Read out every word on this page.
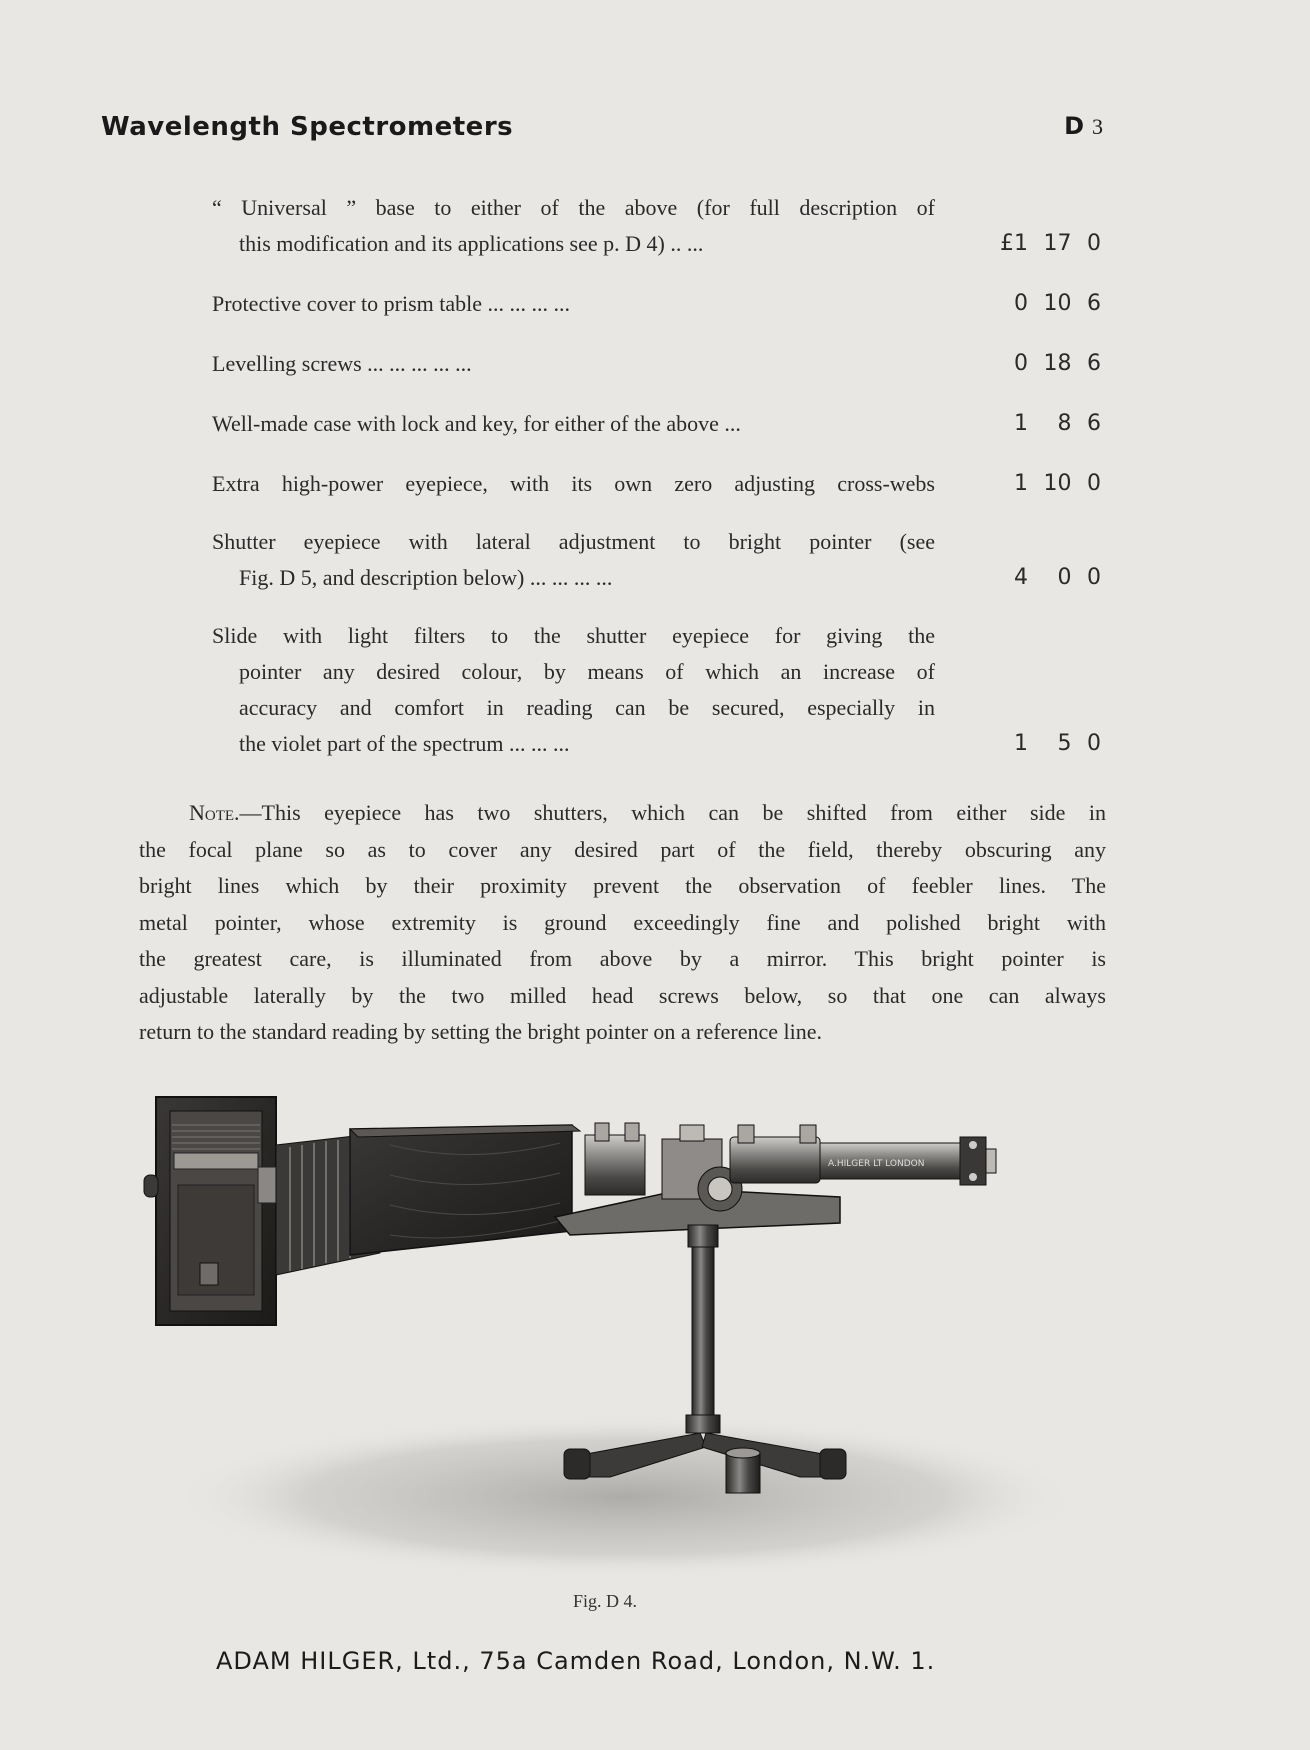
Wavelength Spectrometers	D 3
“ Universal ” base to either of the above (for full description of
this modification and its applications see p. D 4) .. ...	£1 17 0
Protective cover to prism table ... ... ... ...	0 10 6
Levelling screws ... ... ... ... ...	0 18 6
Well-made case with lock and key, for either of the above ...	1	8 6
Extra high-power eyepiece, with its own zero adjusting cross-webs	1 10 0
Shutter eyepiece with lateral adjustment to bright pointer (see
Fig. D 5, and description below) ... ... ... ...	4	0 0
Slide with light filters to the shutter eyepiece for giving the
pointer any desired colour, by means of which an increase of
accuracy and comfort in reading can be secured, especially in
the violet part of the spectrum ... ... ...	1	5 0
Note.—This eyepiece has two shutters, which can be shifted from either side in
the focal plane so as to cover any desired part of the field, thereby obscuring any
bright lines which by their proximity prevent the observation of feebler lines. The
metal pointer, whose extremity is ground exceedingly fine and polished bright with
the greatest care, is illuminated from above by a mirror. This bright pointer is
adjustable laterally by the two milled head screws below, so that one can always
return to the standard reading by setting the bright pointer on a reference line.
A.HILGER LT LONDON
Fig. D 4.
ADAM HILGER, Ltd., 75a Camden Road, London, N.W. 1.
